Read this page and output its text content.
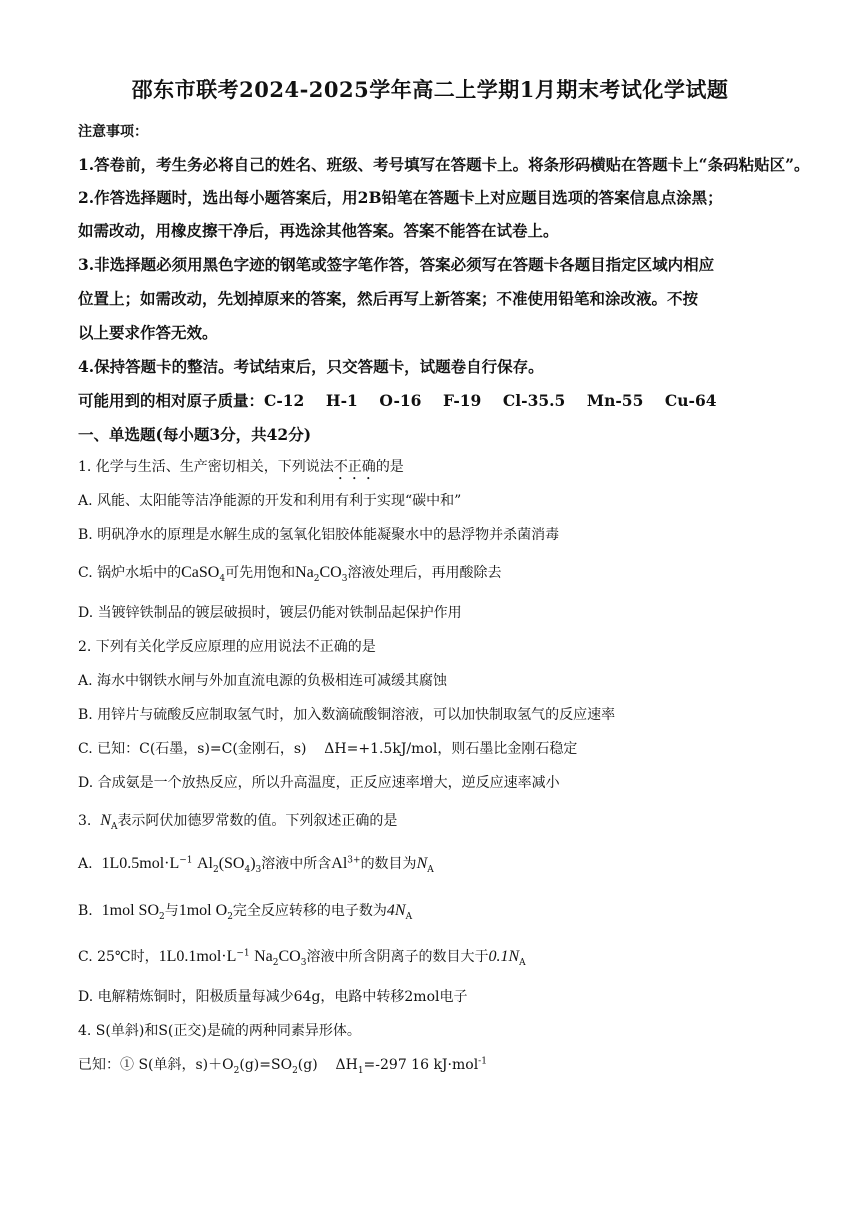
邵东市联考2024-2025学年高二上学期1月期末考试化学试题
注意事项：
1.答卷前，考生务必将自己的姓名、班级、考号填写在答题卡上。将条形码横贴在答题卡上“条码粘贴区”。
2.作答选择题时，选出每小题答案后，用2B铅笔在答题卡上对应题目选项的答案信息点涂黑；
如需改动，用橡皮擦干净后，再选涂其他答案。答案不能答在试卷上。
3.非选择题必须用黑色字迹的钢笔或签字笔作答，答案必须写在答题卡各题目指定区域内相应
位置上；如需改动，先划掉原来的答案，然后再写上新答案；不准使用铅笔和涂改液。不按
以上要求作答无效。
4.保持答题卡的整洁。考试结束后，只交答题卡，试题卷自行保存。
可能用到的相对原子质量：C-12    H-1    O-16    F-19    Cl-35.5    Mn-55    Cu-64
一、单选题(每小题3分，共42分)
1. 化学与生活、生产密切相关，下列说法不正确的是
A. 风能、太阳能等洁净能源的开发和利用有利于实现“碳中和”
B. 明矾净水的原理是水解生成的氢氧化铝胶体能凝聚水中的悬浮物并杀菌消毒
C. 锅炉水垢中的CaSO$_4$可先用饱和$Na_2CO_3$溶液处理后，再用酸除去
D. 当镀锌铁制品的镀层破损时，镀层仍能对铁制品起保护作用
2. 下列有关化学反应原理的应用说法不正确的是
A. 海水中钢铁水闸与外加直流电源的负极相连可减缓其腐蚀
B. 用锌片与硫酸反应制取氢气时，加入数滴硫酸铜溶液，可以加快制取氢气的反应速率
C. 已知：C(石墨，s)=C(金刚石，s)    ΔH=+1.5kJ/mol，则石墨比金刚石稳定
D. 合成氨是一个放热反应，所以升高温度，正反应速率增大，逆反应速率减小
3. $N_A$表示阿伏加德罗常数的值。下列叙述正确的是
A. $1L0.5mol\cdot L^{-1}$ $Al_2(SO_4)_3$溶液中所含$Al^{3+}$的数目为$N_A$
B. 1mol $SO_2$与1mol $O_2$完全反应转移的电子数为$4N_A$
C. 25℃时，$1L0.1mol\cdot L^{-1}$ $Na_2CO_3$溶液中所含阴离子的数目大于$0.1N_A$
D. 电解精炼铜时，阳极质量每减少64g，电路中转移2mol电子
4. S(单斜)和S(正交)是硫的两种同素异形体。
已知：① S(单斜，$s)+O_2(g)=SO_2(g)$    $\Delta H_1=-297$ 16 kJ·mol$^{-1}$
